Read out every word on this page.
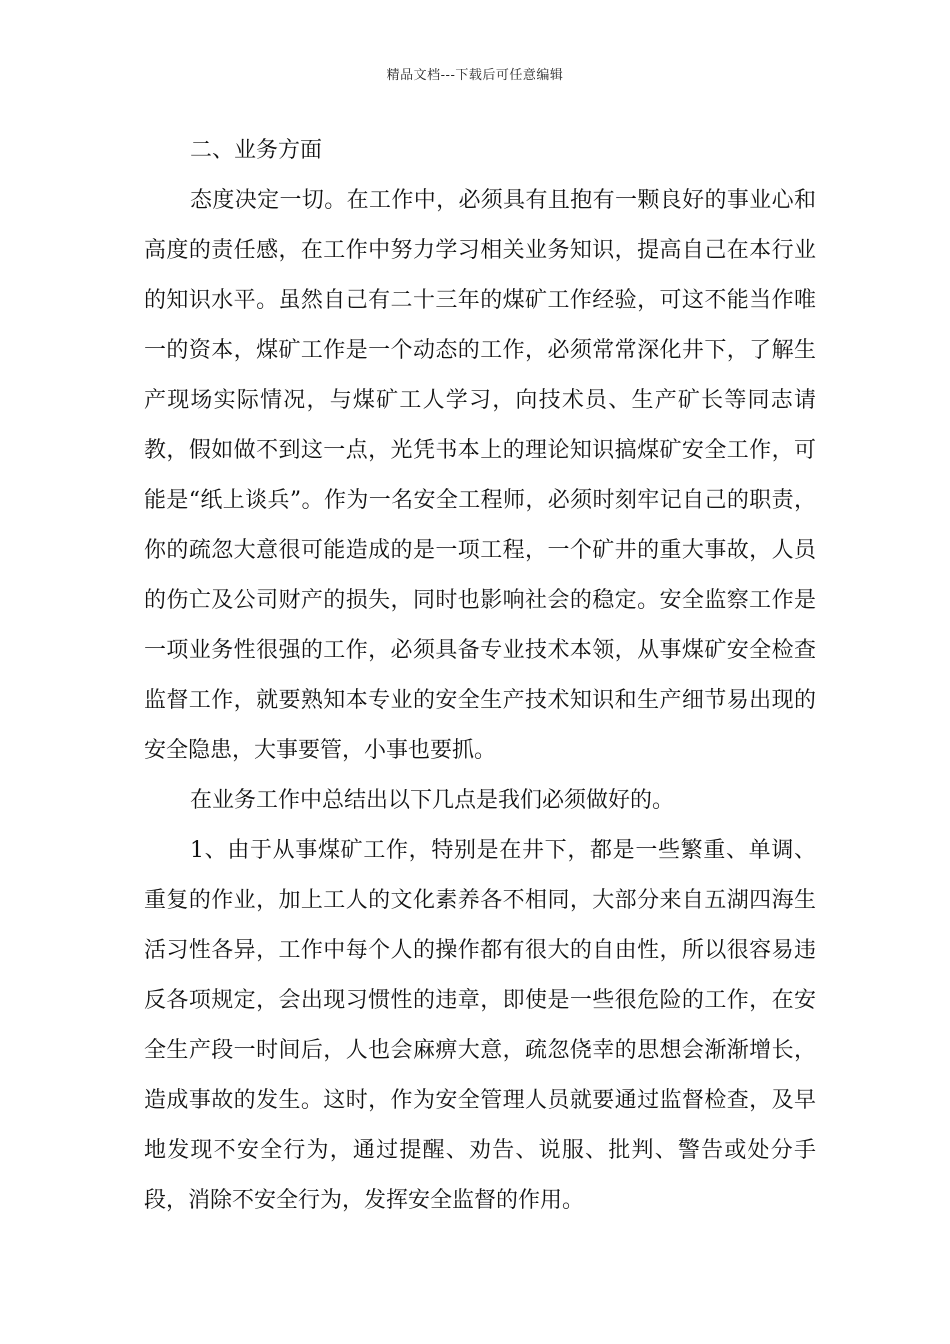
精品文档---下载后可任意编辑

二、业务方面

态度决定一切。在工作中，必须具有且抱有一颗良好的事业心和高度的责任感，在工作中努力学习相关业务知识，提高自己在本行业的知识水平。虽然自己有二十三年的煤矿工作经验，可这不能当作唯一的资本，煤矿工作是一个动态的工作，必须常常深化井下，了解生产现场实际情况，与煤矿工人学习，向技术员、生产矿长等同志请教，假如做不到这一点，光凭书本上的理论知识搞煤矿安全工作，可能是“纸上谈兵”。作为一名安全工程师，必须时刻牢记自己的职责，你的疏忽大意很可能造成的是一项工程，一个矿井的重大事故，人员的伤亡及公司财产的损失，同时也影响社会的稳定。安全监察工作是一项业务性很强的工作，必须具备专业技术本领，从事煤矿安全检查监督工作，就要熟知本专业的安全生产技术知识和生产细节易出现的安全隐患，大事要管，小事也要抓。

在业务工作中总结出以下几点是我们必须做好的。

1、由于从事煤矿工作，特别是在井下，都是一些繁重、单调、重复的作业，加上工人的文化素养各不相同，大部分来自五湖四海生活习性各异，工作中每个人的操作都有很大的自由性，所以很容易违反各项规定，会出现习惯性的违章，即使是一些很危险的工作，在安全生产段一时间后，人也会麻痹大意，疏忽侥幸的思想会渐渐增长，造成事故的发生。这时，作为安全管理人员就要通过监督检查，及早地发现不安全行为，通过提醒、劝告、说服、批判、警告或处分手段，消除不安全行为，发挥安全监督的作用。
